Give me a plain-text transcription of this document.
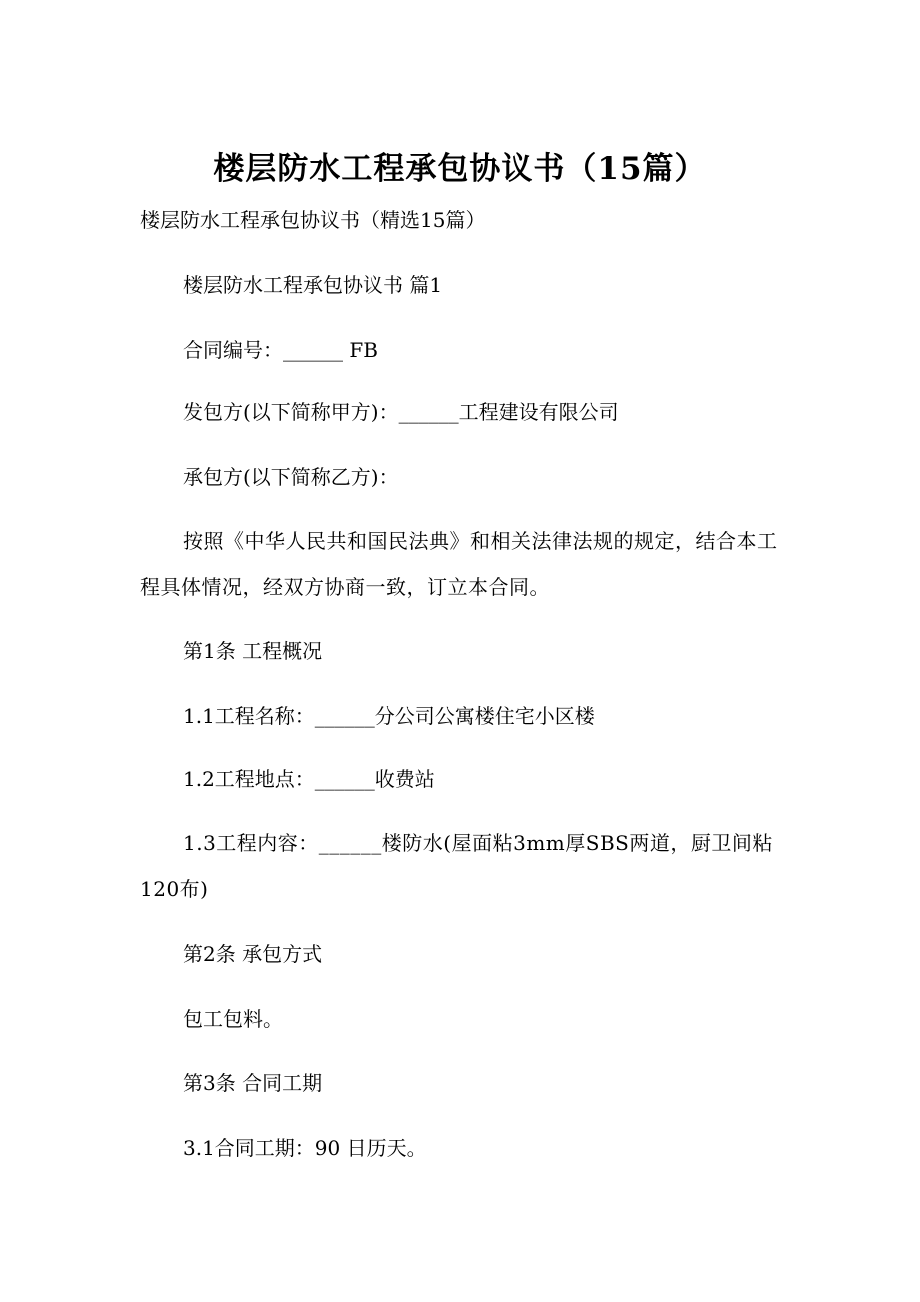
楼层防水工程承包协议书（15篇）

楼层防水工程承包协议书（精选15篇）

楼层防水工程承包协议书 篇1

合同编号：______ FB

发包方(以下简称甲方)：______工程建设有限公司

承包方(以下简称乙方)：

按照《中华人民共和国民法典》和相关法律法规的规定，结合本工程具体情况，经双方协商一致，订立本合同。

第1条 工程概况

1.1工程名称：______分公司公寓楼住宅小区楼

1.2工程地点：______收费站

1.3工程内容：______楼防水(屋面粘3mm厚SBS两道，厨卫间粘120布)

第2条 承包方式

包工包料。

第3条 合同工期

3.1合同工期：90 日历天。
